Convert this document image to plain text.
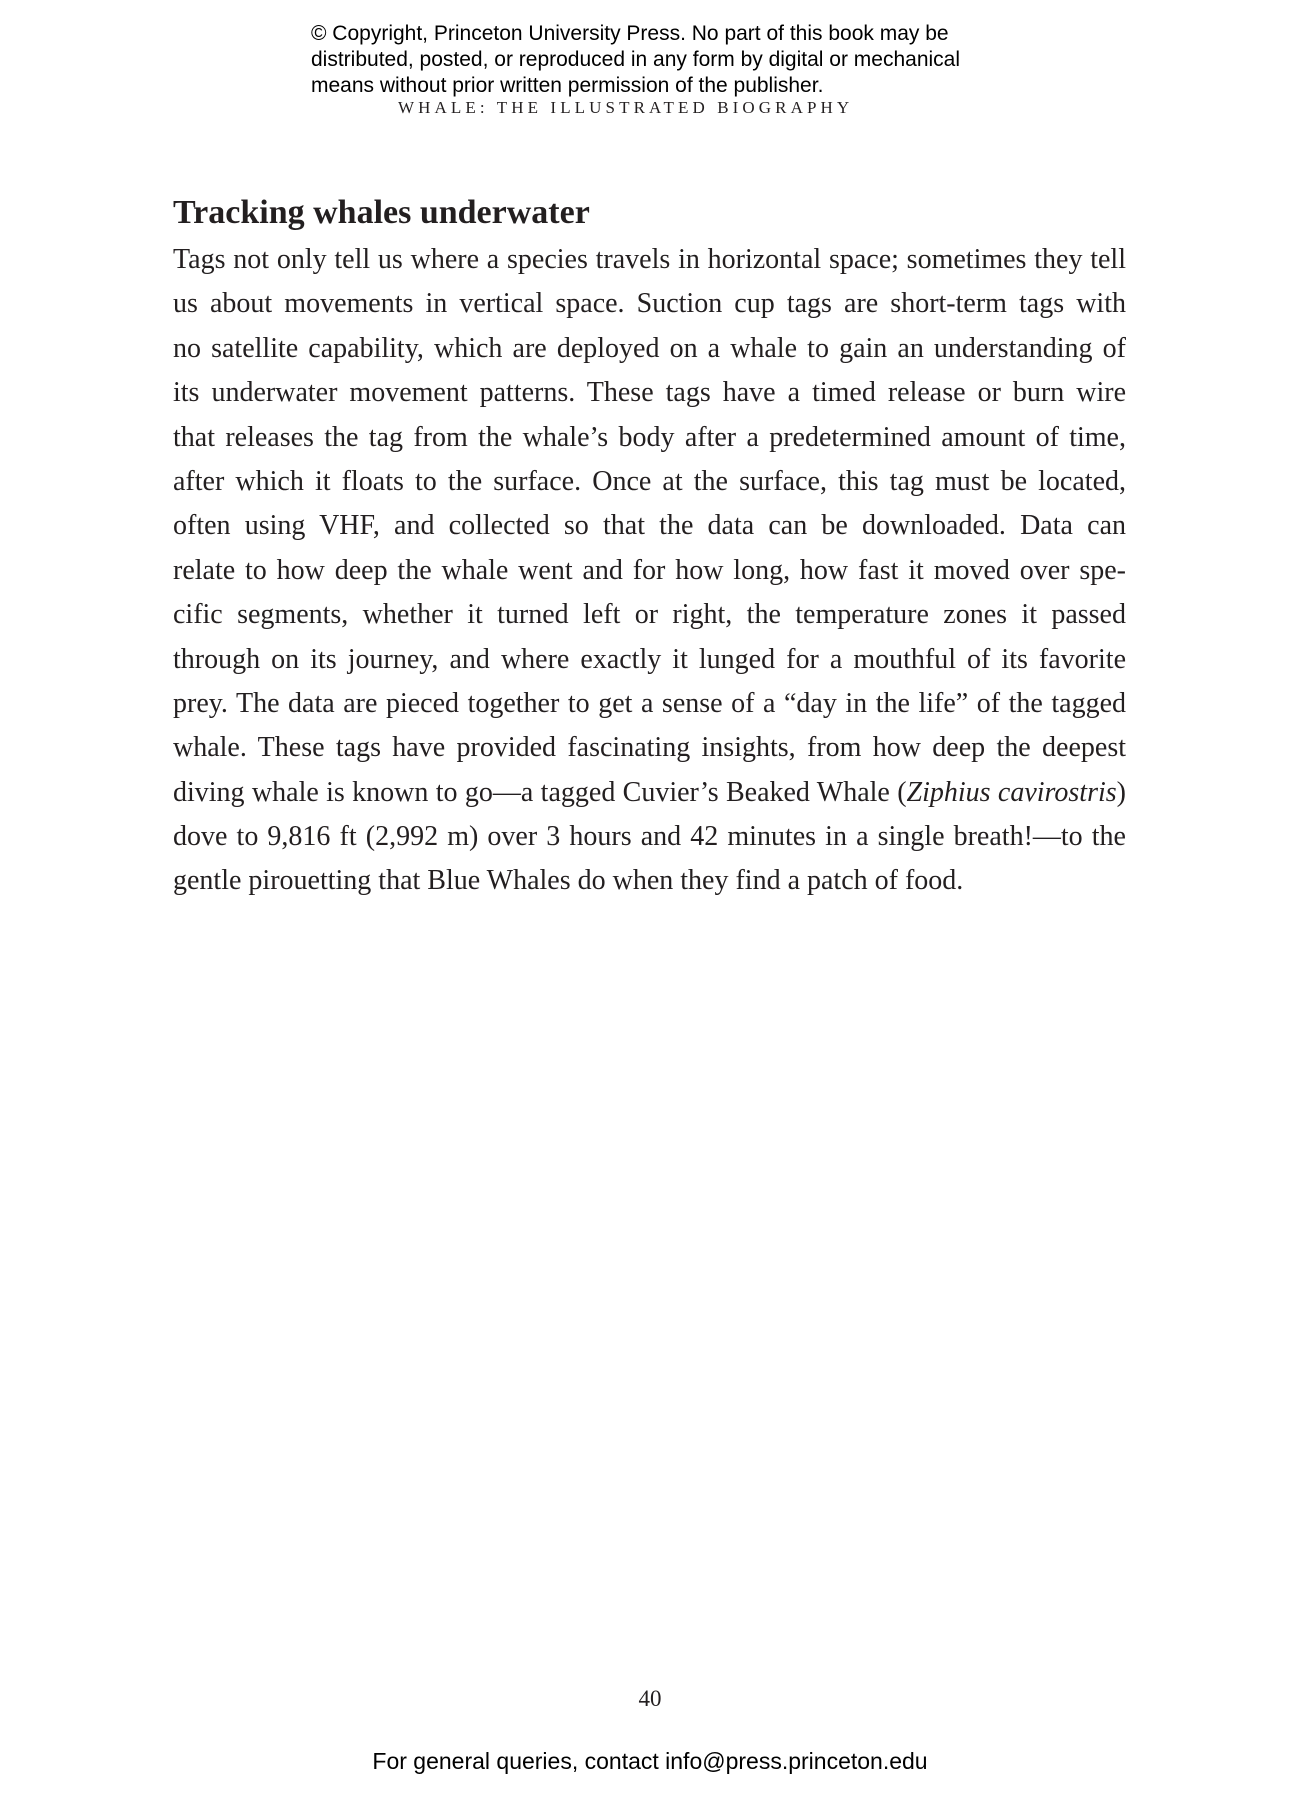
© Copyright, Princeton University Press. No part of this book may be
distributed, posted, or reproduced in any form by digital or mechanical
means without prior written permission of the publisher.
WHALE: THE ILLUSTRATED BIOGRAPHY
Tracking whales underwater
Tags not only tell us where a species travels in horizontal space; sometimes they tell
us about movements in vertical space. Suction cup tags are short-term tags with
no satellite capability, which are deployed on a whale to gain an understanding of
its underwater movement patterns. These tags have a timed release or burn wire
that releases the tag from the whale’s body after a predetermined amount of time,
after which it floats to the surface. Once at the surface, this tag must be located,
often using VHF, and collected so that the data can be downloaded. Data can
relate to how deep the whale went and for how long, how fast it moved over spe-
cific segments, whether it turned left or right, the temperature zones it passed
through on its journey, and where exactly it lunged for a mouthful of its favorite
prey. The data are pieced together to get a sense of a “day in the life” of the tagged
whale. These tags have provided fascinating insights, from how deep the deepest
diving whale is known to go—a tagged Cuvier’s Beaked Whale (Ziphius cavirostris)
dove to 9,816 ft (2,992 m) over 3 hours and 42 minutes in a single breath!—to the
gentle pirouetting that Blue Whales do when they find a patch of food.
40
For general queries, contact info@press.princeton.edu
